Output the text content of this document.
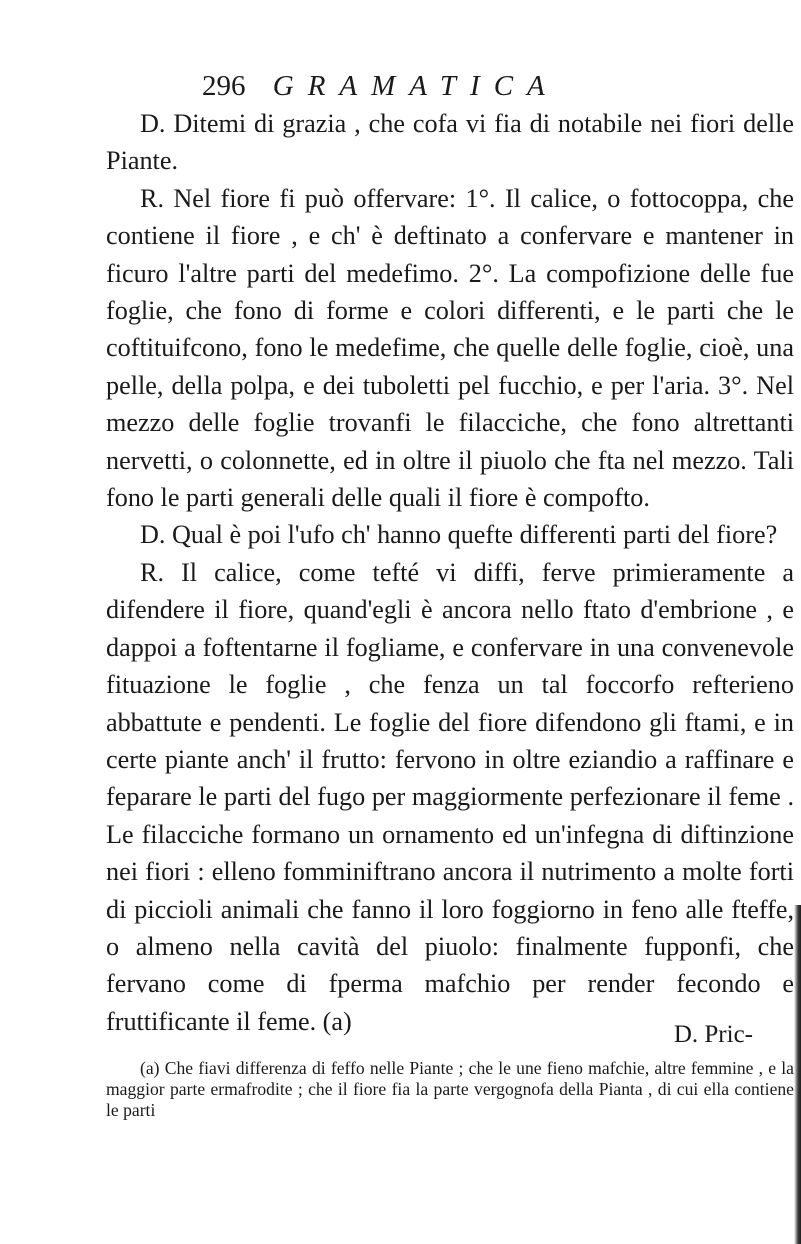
296 GRAMATICA

D. Ditemi di grazia , che cofa vi fia di notabile nei fiori delle Piante.

R. Nel fiore fi può offervare: 1°. Il calice, o fottocoppa, che contiene il fiore , e ch' è deftinato a confervare e mantener in ficuro l'altre parti del medefimo. 2°. La compofizione delle fue foglie, che fono di forme e colori differenti, e le parti che le coftituifcono, fono le medefime, che quelle delle foglie, cioè, una pelle, della polpa, e dei tuboletti pel fucchio, e per l'aria. 3°. Nel mezzo delle foglie trovanfi le filacciche, che fono altrettanti nervetti, o colonnette, ed in oltre il piuolo che fta nel mezzo. Tali fono le parti generali delle quali il fiore è compofto.

D. Qual è poi l'ufo ch' hanno quefte differenti parti del fiore?

R. Il calice, come tefté vi diffi, ferve primieramente a difendere il fiore, quand'egli è ancora nello ftato d'embrione , e dappoi a foftentarne il fogliame, e confervare in una convenevole fituazione le foglie , che fenza un tal foccorfo refterieno abbattute e pendenti. Le foglie del fiore difendono gli ftami, e in certe piante anch' il frutto: fervono in oltre eziandio a raffinare e feparare le parti del fugo per maggiormente perfezionare il feme . Le filacciche formano un ornamento ed un'infegna di diftinzione nei fiori : elleno fomminiftrano ancora il nutrimento a molte forti di piccioli animali che fanno il loro foggiorno in feno alle fteffe, o almeno nella cavità del piuolo: finalmente fupponfi, che fervano come di fperma mafchio per render fecondo e fruttificante il feme. (a)	D. Pric-

(a) Che fiavi differenza di feffo nelle Piante ; che le une fieno mafchie, altre femmine , e la maggior parte ermafrodite ; che il fiore fia la parte vergognofa della Pianta , di cui ella contiene le parti
